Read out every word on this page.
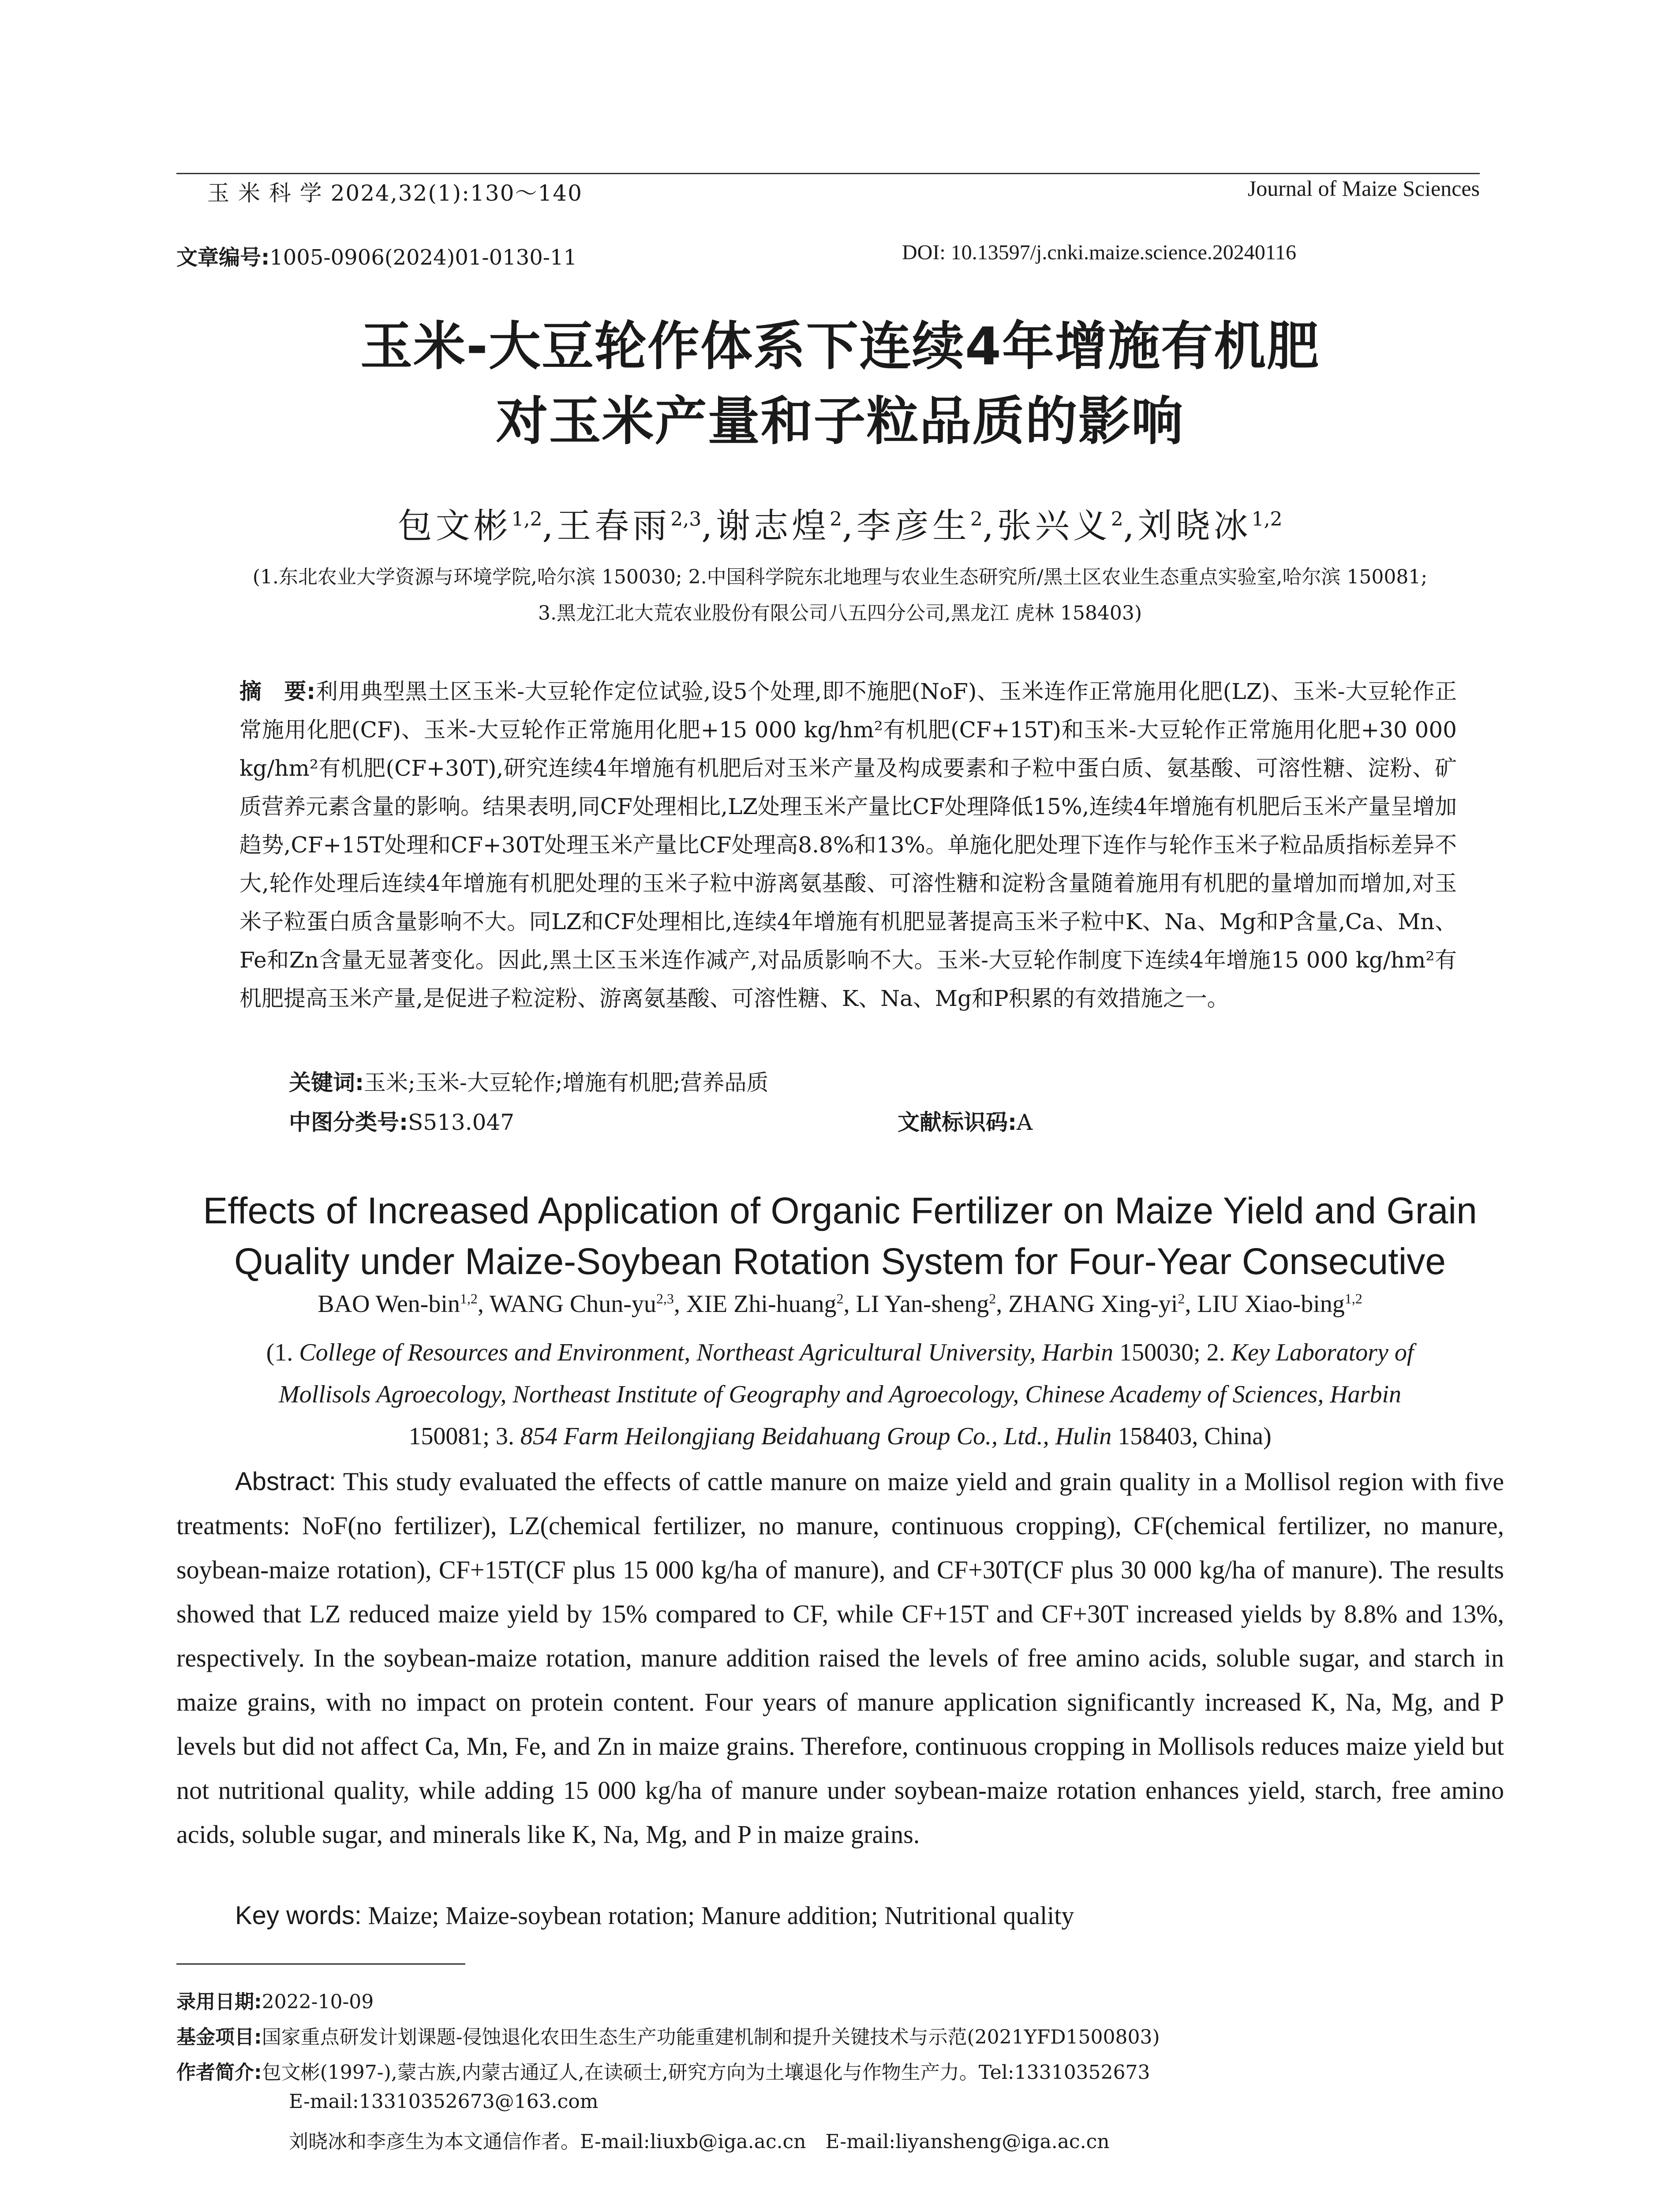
玉 米 科 学 2024,32(1):130～140	Journal of Maize Sciences
文章编号:1005-0906(2024)01-0130-11	DOI: 10.13597/j.cnki.maize.science.20240116
玉米-大豆轮作体系下连续4年增施有机肥
对玉米产量和子粒品质的影响
包文彬$^{1,2}$,王春雨$^{2,3}$,谢志煌$^2$,李彦生$^2$,张兴义$^2$,刘晓冰$^{1,2}$
(1.东北农业大学资源与环境学院,哈尔滨 150030; 2.中国科学院东北地理与农业生态研究所/黑土区农业生态重点实验室,哈尔滨 150081;
3.黑龙江北大荒农业股份有限公司八五四分公司,黑龙江 虎林 158403)
摘　要:利用典型黑土区玉米-大豆轮作定位试验,设5个处理,即不施肥(NoF)、玉米连作正常施用化肥(LZ)、玉米-大豆轮作正常施用化肥(CF)、玉米-大豆轮作正常施用化肥+15 000 kg/hm²有机肥(CF+15T)和玉米-大豆轮作正常施用化肥+30 000 kg/hm²有机肥(CF+30T),研究连续4年增施有机肥后对玉米产量及构成要素和子粒中蛋白质、氨基酸、可溶性糖、淀粉、矿质营养元素含量的影响。结果表明,同CF处理相比,LZ处理玉米产量比CF处理降低15%,连续4年增施有机肥后玉米产量呈增加趋势,CF+15T处理和CF+30T处理玉米产量比CF处理高8.8%和13%。单施化肥处理下连作与轮作玉米子粒品质指标差异不大,轮作处理后连续4年增施有机肥处理的玉米子粒中游离氨基酸、可溶性糖和淀粉含量随着施用有机肥的量增加而增加,对玉米子粒蛋白质含量影响不大。同LZ和CF处理相比,连续4年增施有机肥显著提高玉米子粒中K、Na、Mg和P含量,Ca、Mn、Fe和Zn含量无显著变化。因此,黑土区玉米连作减产,对品质影响不大。玉米-大豆轮作制度下连续4年增施15 000 kg/hm²有机肥提高玉米产量,是促进子粒淀粉、游离氨基酸、可溶性糖、K、Na、Mg和P积累的有效措施之一。
关键词:玉米;玉米-大豆轮作;增施有机肥;营养品质
中图分类号:S513.047	文献标识码:A
Effects of Increased Application of Organic Fertilizer on Maize Yield and Grain
Quality under Maize-Soybean Rotation System for Four-Year Consecutive
BAO Wen-bin$^{1,2}$, WANG Chun-yu$^{2,3}$, XIE Zhi-huang$^2$, LI Yan-sheng$^2$, ZHANG Xing-$yi^2$, LIU Xiao-bing$^{1,2}$
(1. College of Resources and Environment, Northeast Agricultural University, Harbin 150030; 2. Key Laboratory of
Mollisols Agroecology, Northeast Institute of Geography and Agroecology, Chinese Academy of Sciences, Harbin
150081; 3. 854 Farm Heilongjiang Beidahuang Group Co., Ltd., Hulin 158403, China)
Abstract: This study evaluated the effects of cattle manure on maize yield and grain quality in a Mollisol region with five treatments: NoF(no fertilizer), LZ(chemical fertilizer, no manure, continuous cropping), CF(chemical fertilizer, no manure, soybean-maize rotation), CF+15T(CF plus 15 000 kg/ha of manure), and CF+30T(CF plus 30 000 kg/ha of manure). The results showed that LZ reduced maize yield by 15% compared to CF, while CF+15T and CF+30T increased yields by 8.8% and 13%, respectively. In the soybean-maize rotation, manure addition raised the levels of free amino acids, soluble sugar, and starch in maize grains, with no impact on protein content. Four years of manure application significantly increased K, Na, Mg, and P levels but did not affect Ca, Mn, Fe, and Zn in maize grains. Therefore, continuous cropping in Mollisols reduces maize yield but not nutritional quality, while adding 15 000 kg/ha of manure under soybean-maize rotation enhances yield, starch, free amino acids, soluble sugar, and minerals like K, Na, Mg, and P in maize grains.
Key words: Maize; Maize-soybean rotation; Manure addition; Nutritional quality
录用日期:2022-10-09
基金项目:国家重点研发计划课题-侵蚀退化农田生态生产功能重建机制和提升关键技术与示范(2021YFD1500803)
作者简介:包文彬(1997-),蒙古族,内蒙古通辽人,在读硕士,研究方向为土壤退化与作物生产力。Tel:13310352673
E-mail:13310352673@163.com
刘晓冰和李彦生为本文通信作者。E-mail:liuxb@iga.ac.cn　E-mail:liyansheng@iga.ac.cn
